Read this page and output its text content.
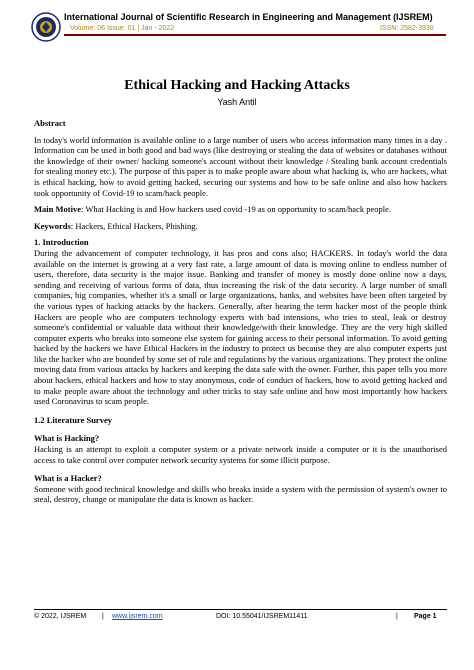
International Journal of Scientific Research in Engineering and Management (IJSREM)
Volume: 06 Issue: 01 | Jan - 2022	ISSN: 2582-3930
Ethical Hacking and Hacking Attacks
Yash Antil

Abstract

In today's world information is available online to a large number of users who access information many times in a day . Information can be used in both good and bad ways (like destroying or stealing the data of websites or databases without the knowledge of their owner/ hacking someone's account without their knowledge / Stealing bank account credentials for stealing money etc.). The purpose of this paper is to make people aware about what hacking is, who are hackers, what is ethical hacking, how to avoid getting hacked, securing our systems and how to be safe online and also how hackers took opportunity of Covid-19 to scam/hack people.

Main Motive: What Hacking is and How hackers used covid -19 as on opportunity to scam/hack people.

Keywords: Hackers, Ethical Hackers, Phishing.

1. Introduction

During the advancement of computer technology, it has pros and cons also; HACKERS. In today's world the data available on the internet is growing at a very fast rate, a large amount of data is moving online to endless number of users, therefore, data security is the major issue. Banking and transfer of money is mostly done online now a days, sending and receiving of various forms of data, thus increasing the risk of the data security. A large number of small companies, big companies, whether it's a small or large organizations, banks, and websites have been often targeted by the various types of hacking attacks by the hackers. Generally, after hearing the term hacker most of the people think Hackers are people who are computers technology experts with bad intensions, who tries to steal, leak or destroy someone's confidential or valuable data without their knowledge/with their knowledge. They are the very high skilled computer experts who breaks into someone else system for gaining access to their personal information. To avoid getting hacked by the hackers we have Ethical Hackers in the industry to protect us because they are also computer experts just like the hacker who are bounded by some set of rule and regulations by the various organizations. They protect the online moving data from various attacks by hackers and keeping the data safe with the owner. Further, this paper tells you more about hackers, ethical hackers and how to stay anonymous, code of conduct of hackers, how to avoid getting hacked and to make people aware about the technology and other tricks to stay safe online and how most importantly how hackers used Coronavirus to scam people.

1.2 Literature Survey

What is Hacking?

Hacking is an attempt to exploit a computer system or a private network inside a computer or it is the unauthorised access to take control over computer network security systems for some illicit purpose.

What is a Hacker?

Someone with good technical knowledge and skills who breaks inside a system with the permission of system's owner to steal, destroy, change or manipulate the data is known as hacker.

© 2022, IJSREM | www.ijsrem.com	DOI: 10.55041/IJSREM11411	| Page 1
